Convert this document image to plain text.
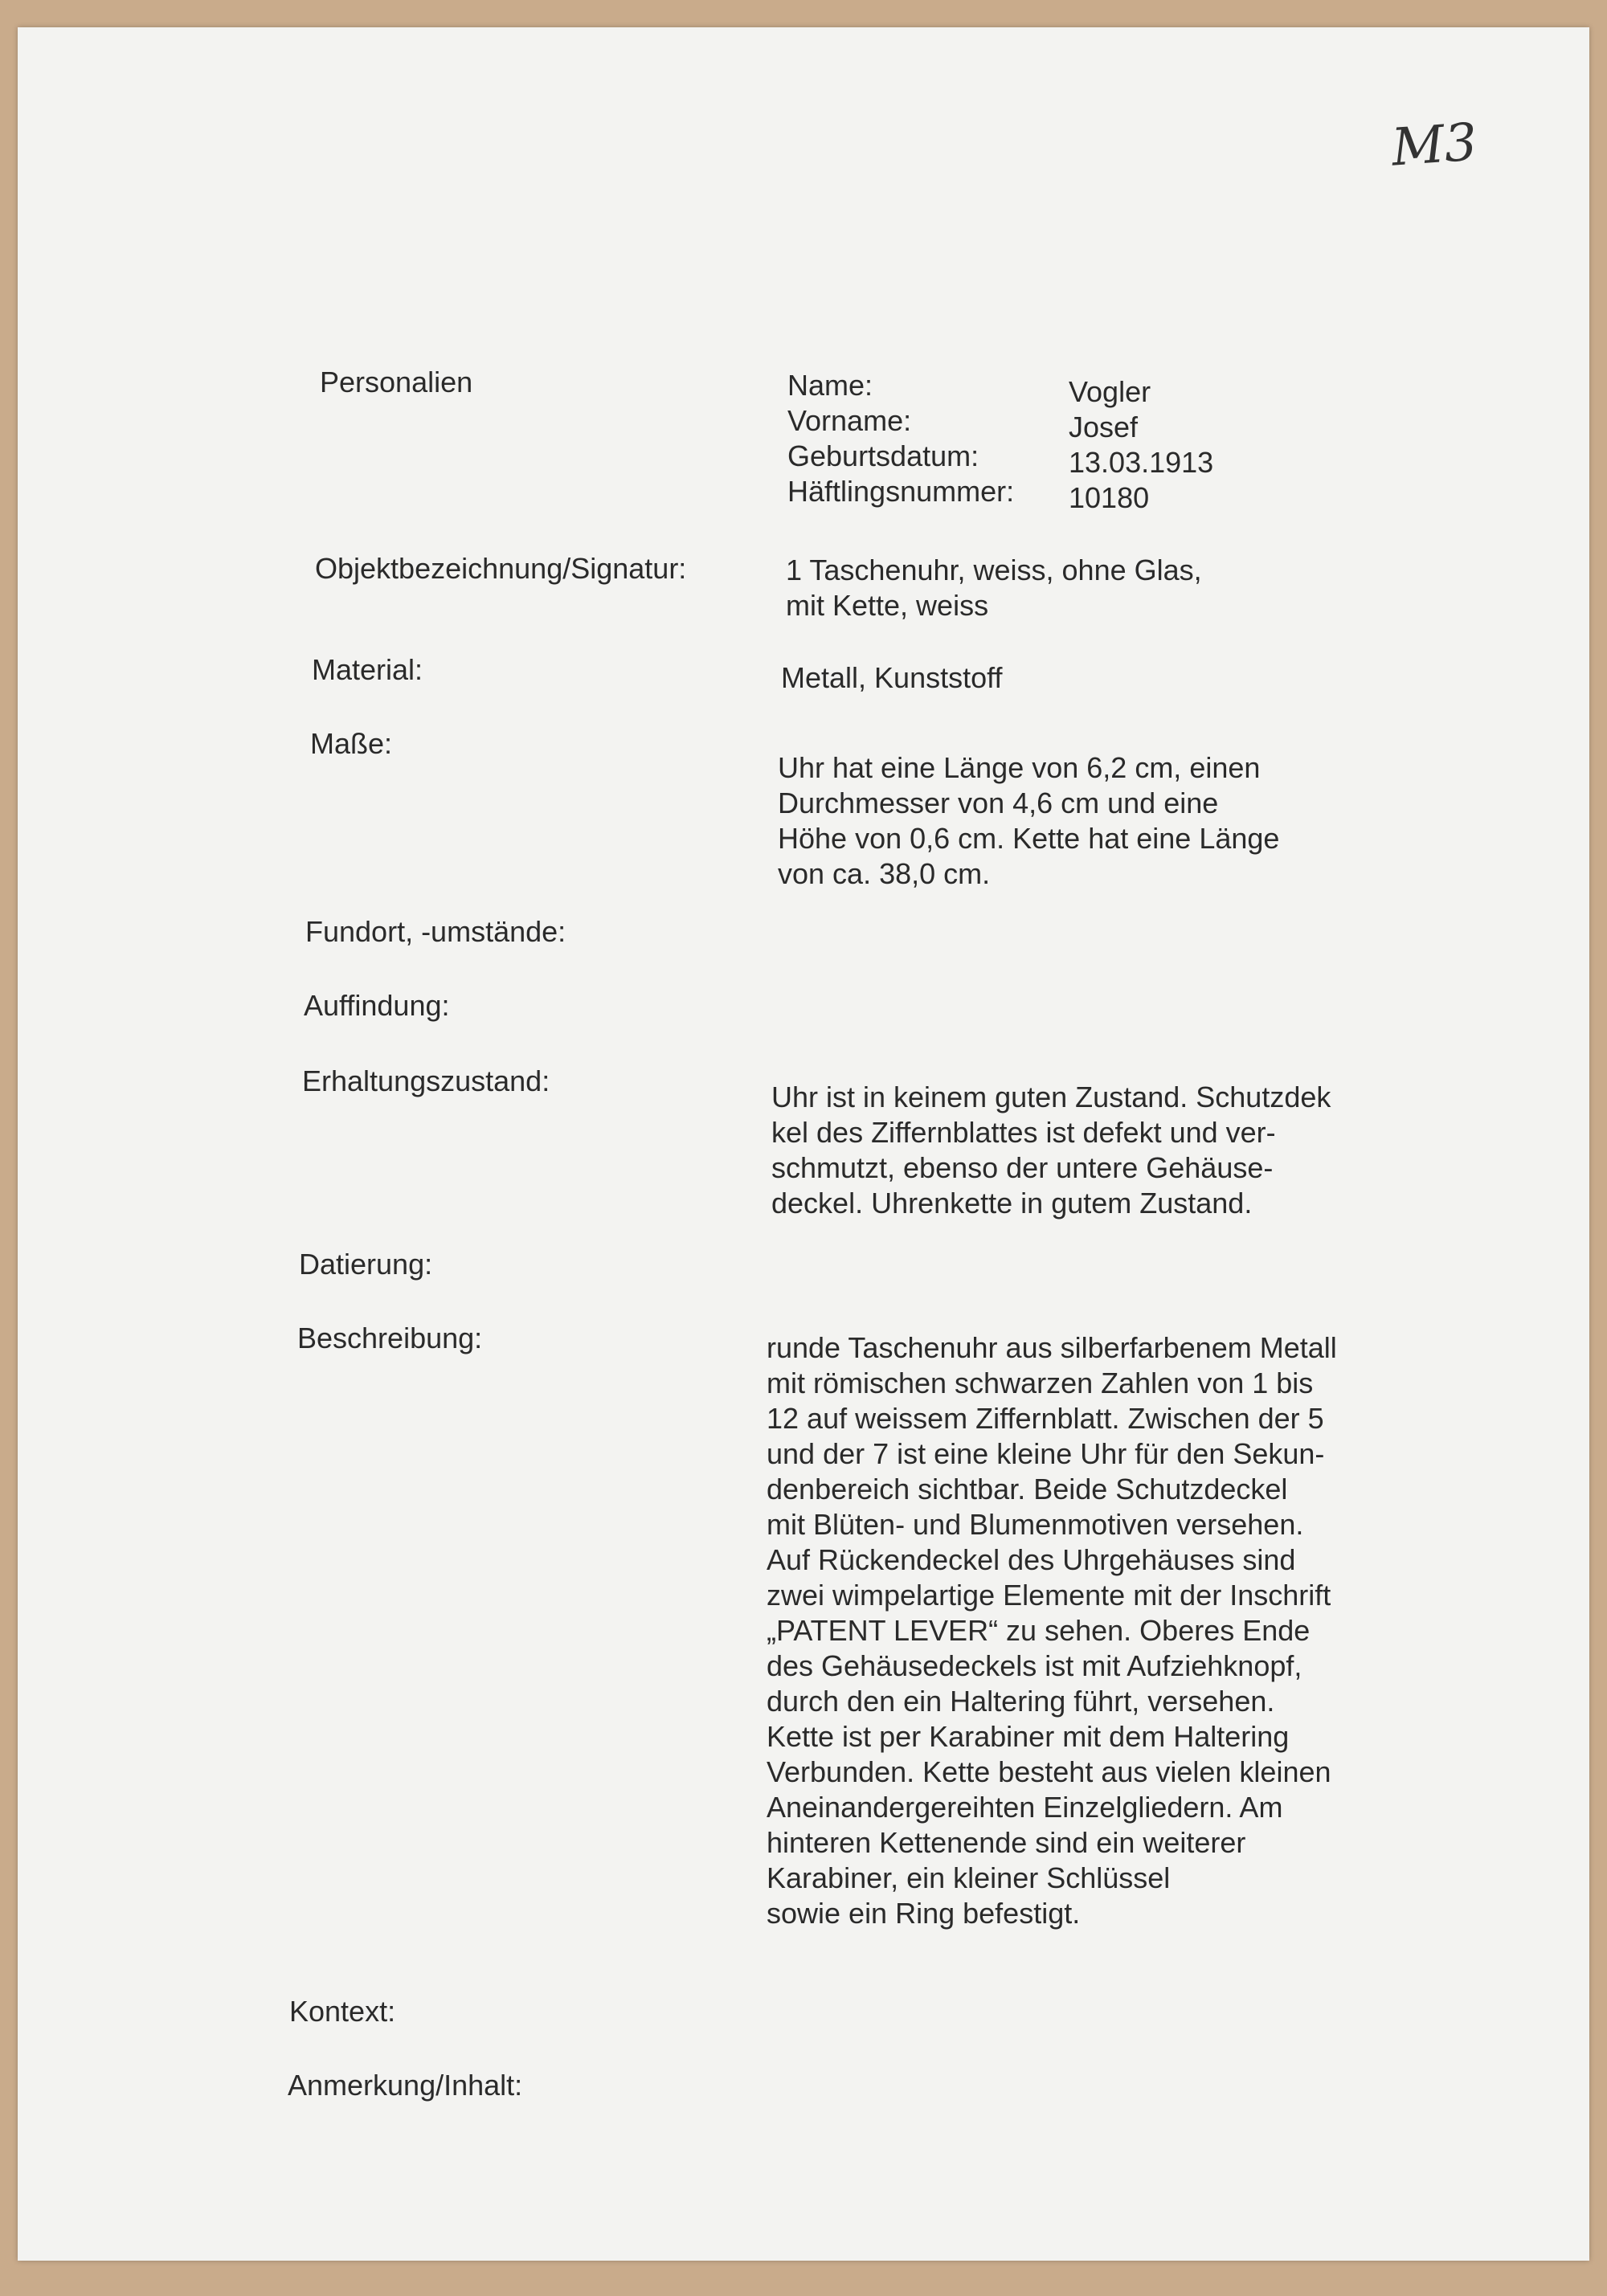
M3
Personalien	Name:	Vogler
Vorname:	Josef
Geburtsdatum:	13.03.1913
Häftlingsnummer:	10180
Objektbezeichnung/Signatur:	1 Taschenuhr, weiss, ohne Glas,
mit Kette, weiss
Material:	Metall, Kunststoff
Maße:
Uhr hat eine Länge von 6,2 cm, einen
Durchmesser von 4,6 cm und eine
Höhe von 0,6 cm. Kette hat eine Länge
von ca. 38,0 cm.
Fundort, -umstände:
Auffindung:
Erhaltungszustand:	Uhr ist in keinem guten Zustand. Schutzdek
kel des Ziffernblattes ist defekt und ver-
schmutzt, ebenso der untere Gehäuse-
deckel. Uhrenkette in gutem Zustand.
Datierung:
Beschreibung:	runde Taschenuhr aus silberfarbenem Metall
mit römischen schwarzen Zahlen von 1 bis
12 auf weissem Ziffernblatt. Zwischen der 5
und der 7 ist eine kleine Uhr für den Sekun-
denbereich sichtbar. Beide Schutzdeckel
mit Blüten- und Blumenmotiven versehen.
Auf Rückendeckel des Uhrgehäuses sind
zwei wimpelartige Elemente mit der Inschrift
„PATENT LEVER“ zu sehen. Oberes Ende
des Gehäusedeckels ist mit Aufziehknopf,
durch den ein Haltering führt, versehen.
Kette ist per Karabiner mit dem Haltering
Verbunden. Kette besteht aus vielen kleinen
Aneinandergereihten Einzelgliedern. Am
hinteren Kettenende sind ein weiterer
Karabiner, ein kleiner Schlüssel
sowie ein Ring befestigt.
Kontext:
Anmerkung/Inhalt:
